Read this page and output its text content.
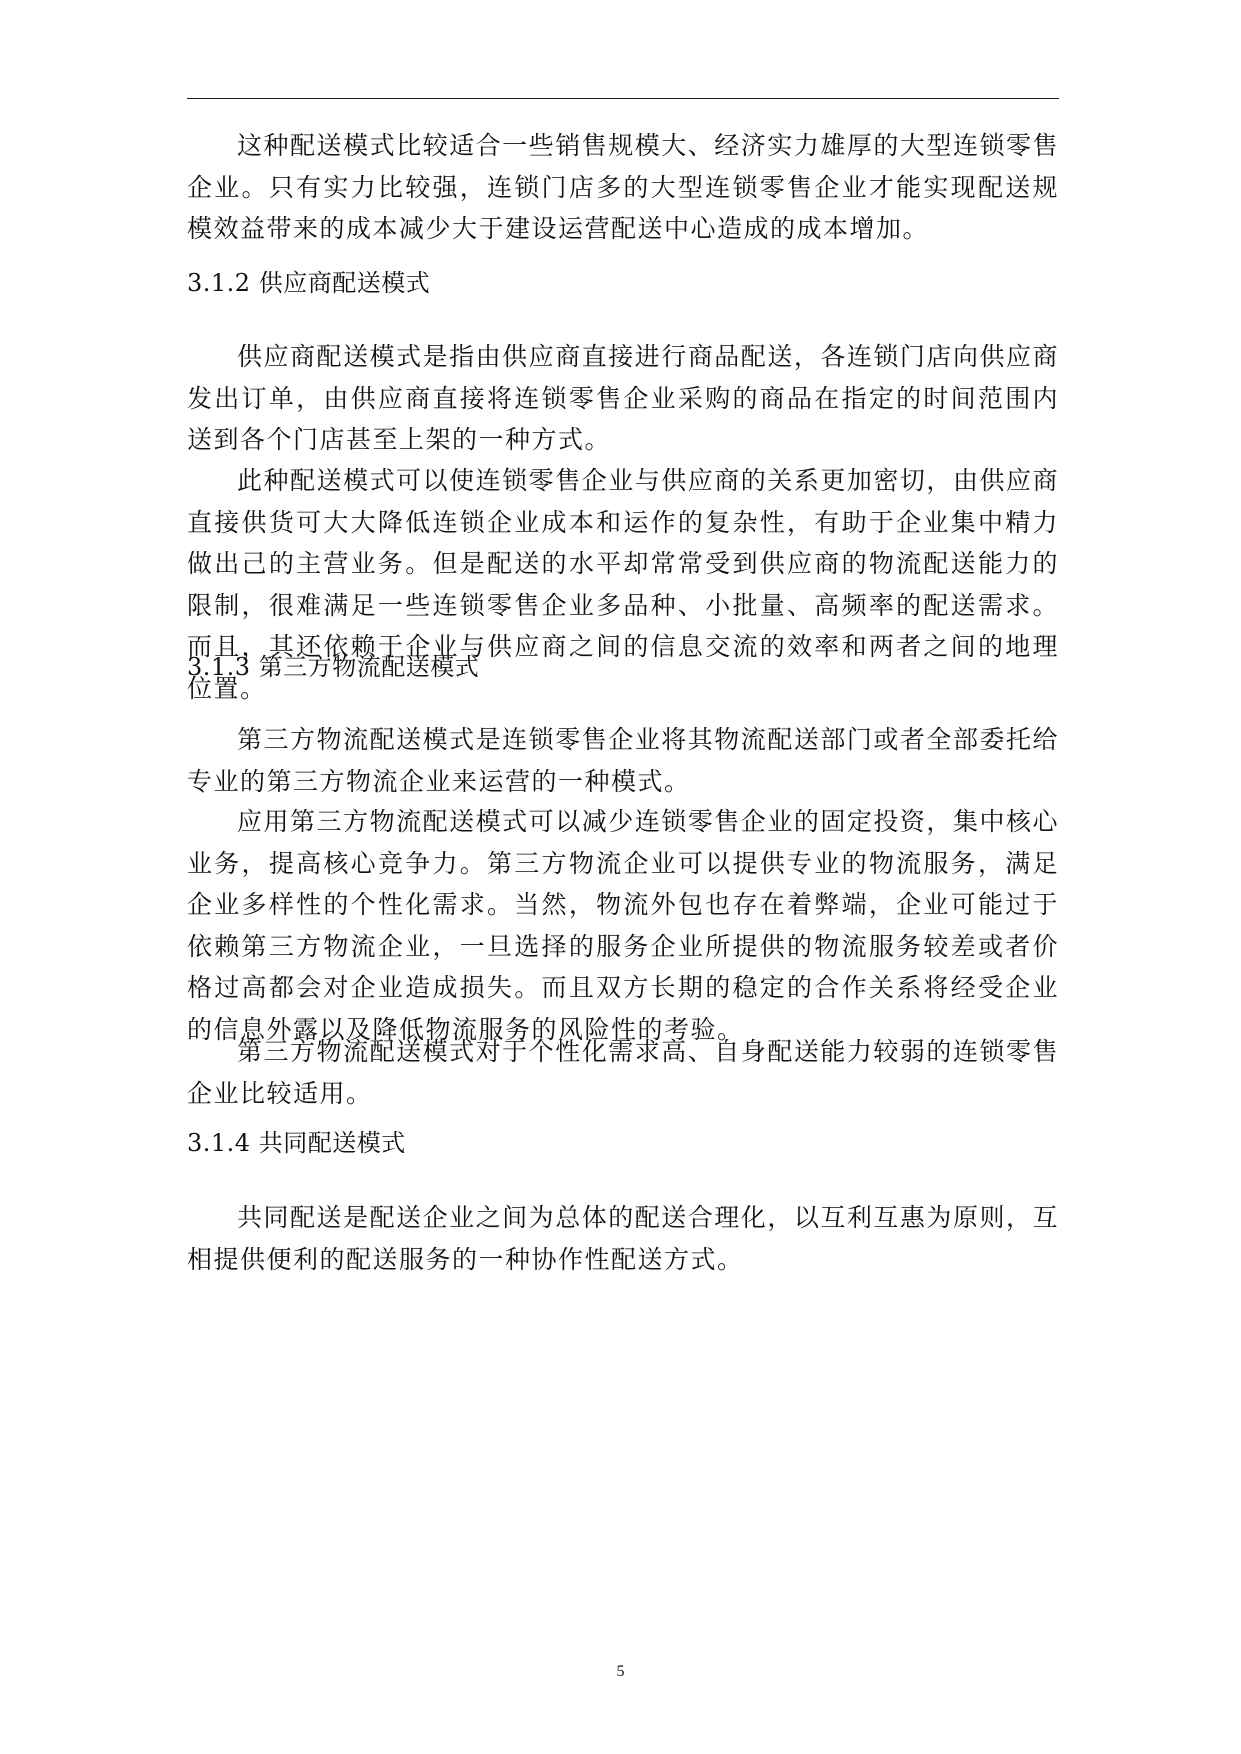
这种配送模式比较适合一些销售规模大、经济实力雄厚的大型连锁零售企业。只有实力比较强，连锁门店多的大型连锁零售企业才能实现配送规模效益带来的成本减少大于建设运营配送中心造成的成本增加。

3.1.2 供应商配送模式

供应商配送模式是指由供应商直接进行商品配送，各连锁门店向供应商发出订单，由供应商直接将连锁零售企业采购的商品在指定的时间范围内送到各个门店甚至上架的一种方式。

此种配送模式可以使连锁零售企业与供应商的关系更加密切，由供应商直接供货可大大降低连锁企业成本和运作的复杂性，有助于企业集中精力做出己的主营业务。但是配送的水平却常常受到供应商的物流配送能力的限制，很难满足一些连锁零售企业多品种、小批量、高频率的配送需求。而且，其还依赖于企业与供应商之间的信息交流的效率和两者之间的地理位置。

3.1.3 第三方物流配送模式

第三方物流配送模式是连锁零售企业将其物流配送部门或者全部委托给专业的第三方物流企业来运营的一种模式。

应用第三方物流配送模式可以减少连锁零售企业的固定投资，集中核心业务，提高核心竞争力。第三方物流企业可以提供专业的物流服务，满足企业多样性的个性化需求。当然，物流外包也存在着弊端，企业可能过于依赖第三方物流企业，一旦选择的服务企业所提供的物流服务较差或者价格过高都会对企业造成损失。而且双方长期的稳定的合作关系将经受企业的信息外露以及降低物流服务的风险性的考验。

第三方物流配送模式对于个性化需求高、自身配送能力较弱的连锁零售企业比较适用。

3.1.4 共同配送模式

共同配送是配送企业之间为总体的配送合理化，以互利互惠为原则，互相提供便利的配送服务的一种协作性配送方式。

5
